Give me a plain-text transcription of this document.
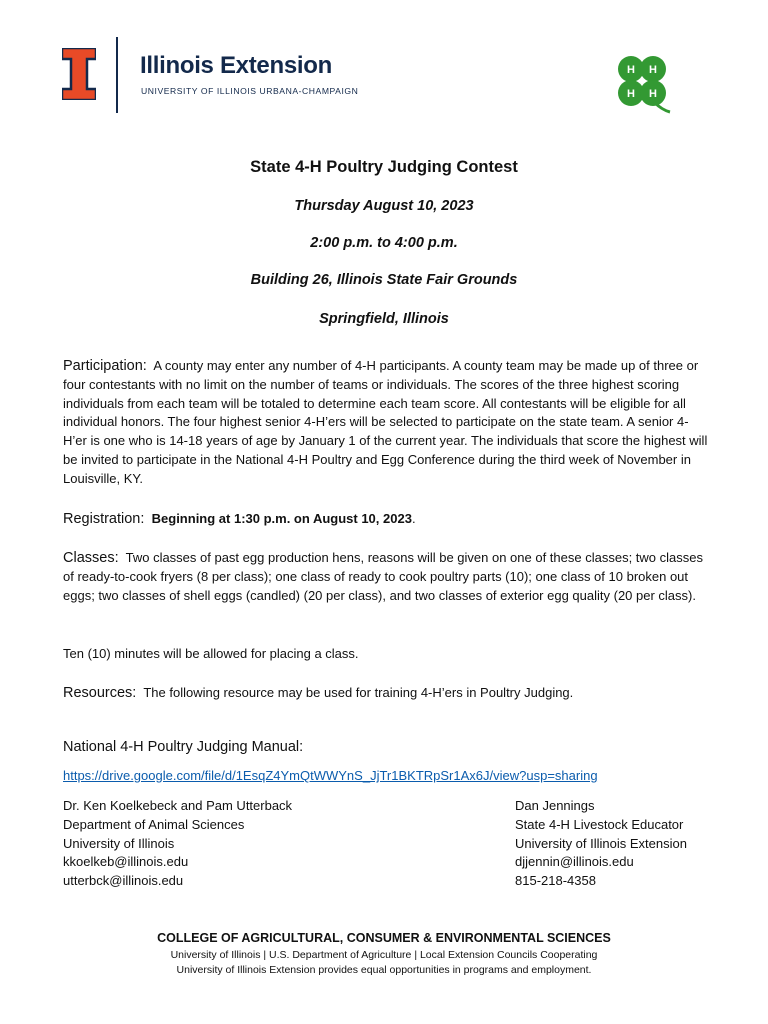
Illinois Extension
UNIVERSITY OF ILLINOIS URBANA-CHAMPAIGN
H H
H H
State 4-H Poultry Judging Contest
Thursday August 10, 2023
2:00 p.m. to 4:00 p.m.
Building 26, Illinois State Fair Grounds
Springfield, Illinois
Participation: A county may enter any number of 4-H participants. A county team may be made up of three or four contestants with no limit on the number of teams or individuals. The scores of the three highest scoring individuals from each team will be totaled to determine each team score. All contestants will be eligible for all individual honors. The four highest senior 4-H’ers will be selected to participate on the state team. A senior 4-H’er is one who is 14-18 years of age by January 1 of the current year. The individuals that score the highest will be invited to participate in the National 4-H Poultry and Egg Conference during the third week of November in Louisville, KY.
Registration: Beginning at 1:30 p.m. on August 10, 2023.
Classes: Two classes of past egg production hens, reasons will be given on one of these classes; two classes of ready-to-cook fryers (8 per class); one class of ready to cook poultry parts (10); one class of 10 broken out eggs; two classes of shell eggs (candled) (20 per class), and two classes of exterior egg quality (20 per class).
Ten (10) minutes will be allowed for placing a class.
Resources: The following resource may be used for training 4-H’ers in Poultry Judging.
National 4-H Poultry Judging Manual:
https://drive.google.com/file/d/1EsqZ4YmQtWWYnS_JjTr1BKTRpSr1Ax6J/view?usp=sharing
Dr. Ken Koelkebeck and Pam Utterback
Department of Animal Sciences
University of Illinois
kkoelkeb@illinois.edu
utterbck@illinois.edu
Dan Jennings
State 4-H Livestock Educator
University of Illinois Extension
djjennin@illinois.edu
815-218-4358
COLLEGE OF AGRICULTURAL, CONSUMER & ENVIRONMENTAL SCIENCES
University of Illinois | U.S. Department of Agriculture | Local Extension Councils Cooperating
University of Illinois Extension provides equal opportunities in programs and employment.
